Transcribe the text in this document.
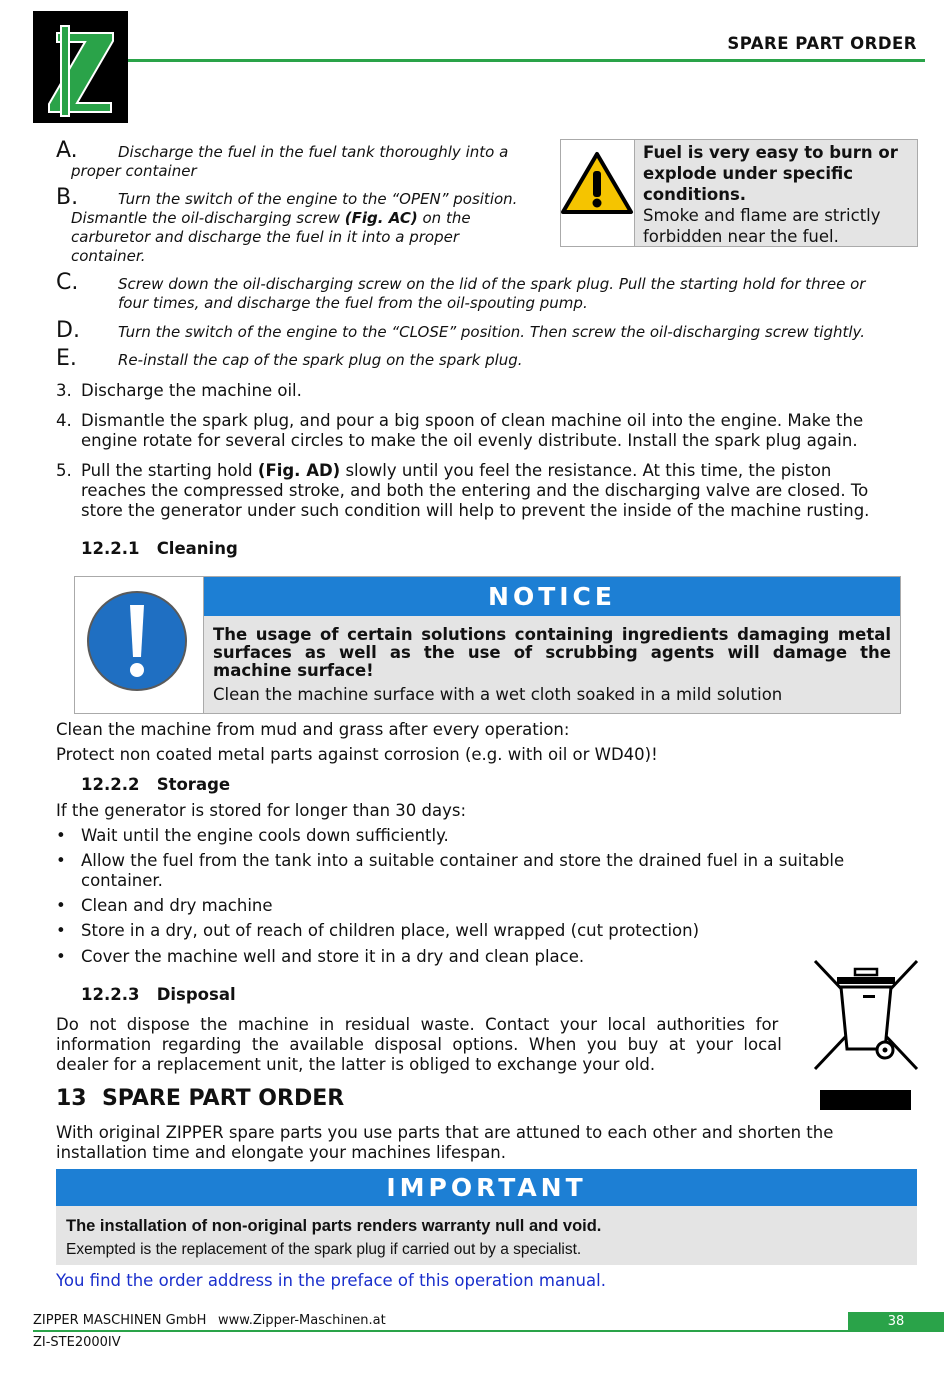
SPARE PART ORDER
A.	Discharge the fuel in the fuel tank thoroughly into a
proper container
B.	Turn the switch of the engine to the “OPEN” position.
Dismantle the oil-discharging screw (Fig. AC) on the
carburetor and discharge the fuel in it into a proper
container.
Fuel is very easy to burn or explode under specific conditions.
Smoke and flame are strictly forbidden near the fuel.
C.	Screw down the oil-discharging screw on the lid of the spark plug. Pull the starting hold for three or
four times, and discharge the fuel from the oil-spouting pump.
D.	Turn the switch of the engine to the “CLOSE” position. Then screw the oil-discharging screw tightly.
E.	Re-install the cap of the spark plug on the spark plug.
3. Discharge the machine oil.
4. Dismantle the spark plug, and pour a big spoon of clean machine oil into the engine. Make the
engine rotate for several circles to make the oil evenly distribute. Install the spark plug again.
5. Pull the starting hold (Fig. AD) slowly until you feel the resistance. At this time, the piston
reaches the compressed stroke, and both the entering and the discharging valve are closed. To
store the generator under such condition will help to prevent the inside of the machine rusting.
12.2.1 Cleaning
NOTICE
The usage of certain solutions containing ingredients damaging metal surfaces as well as the use of scrubbing agents will damage the machine surface!
Clean the machine surface with a wet cloth soaked in a mild solution
Clean the machine from mud and grass after every operation:
Protect non coated metal parts against corrosion (e.g. with oil or WD40)!
12.2.2 Storage
If the generator is stored for longer than 30 days:
• Wait until the engine cools down sufficiently.
• Allow the fuel from the tank into a suitable container and store the drained fuel in a suitable
container.
• Clean and dry machine
• Store in a dry, out of reach of children place, well wrapped (cut protection)
• Cover the machine well and store it in a dry and clean place.
12.2.3 Disposal
Do  not  dispose  the  machine  in  residual  waste.  Contact  your  local  authorities  for
information  regarding  the  available  disposal  options.  When  you  buy  at  your  local
dealer for a replacement unit, the latter is obliged to exchange your old.
13 SPARE PART ORDER
With original ZIPPER spare parts you use parts that are attuned to each other and shorten the
installation time and elongate your machines lifespan.
IMPORTANT
The installation of non-original parts renders warranty null and void.
Exempted is the replacement of the spark plug if carried out by a specialist.
You find the order address in the preface of this operation manual.
ZIPPER MASCHINEN GmbH www.Zipper-Maschinen.at	38
ZI-STE2000IV
